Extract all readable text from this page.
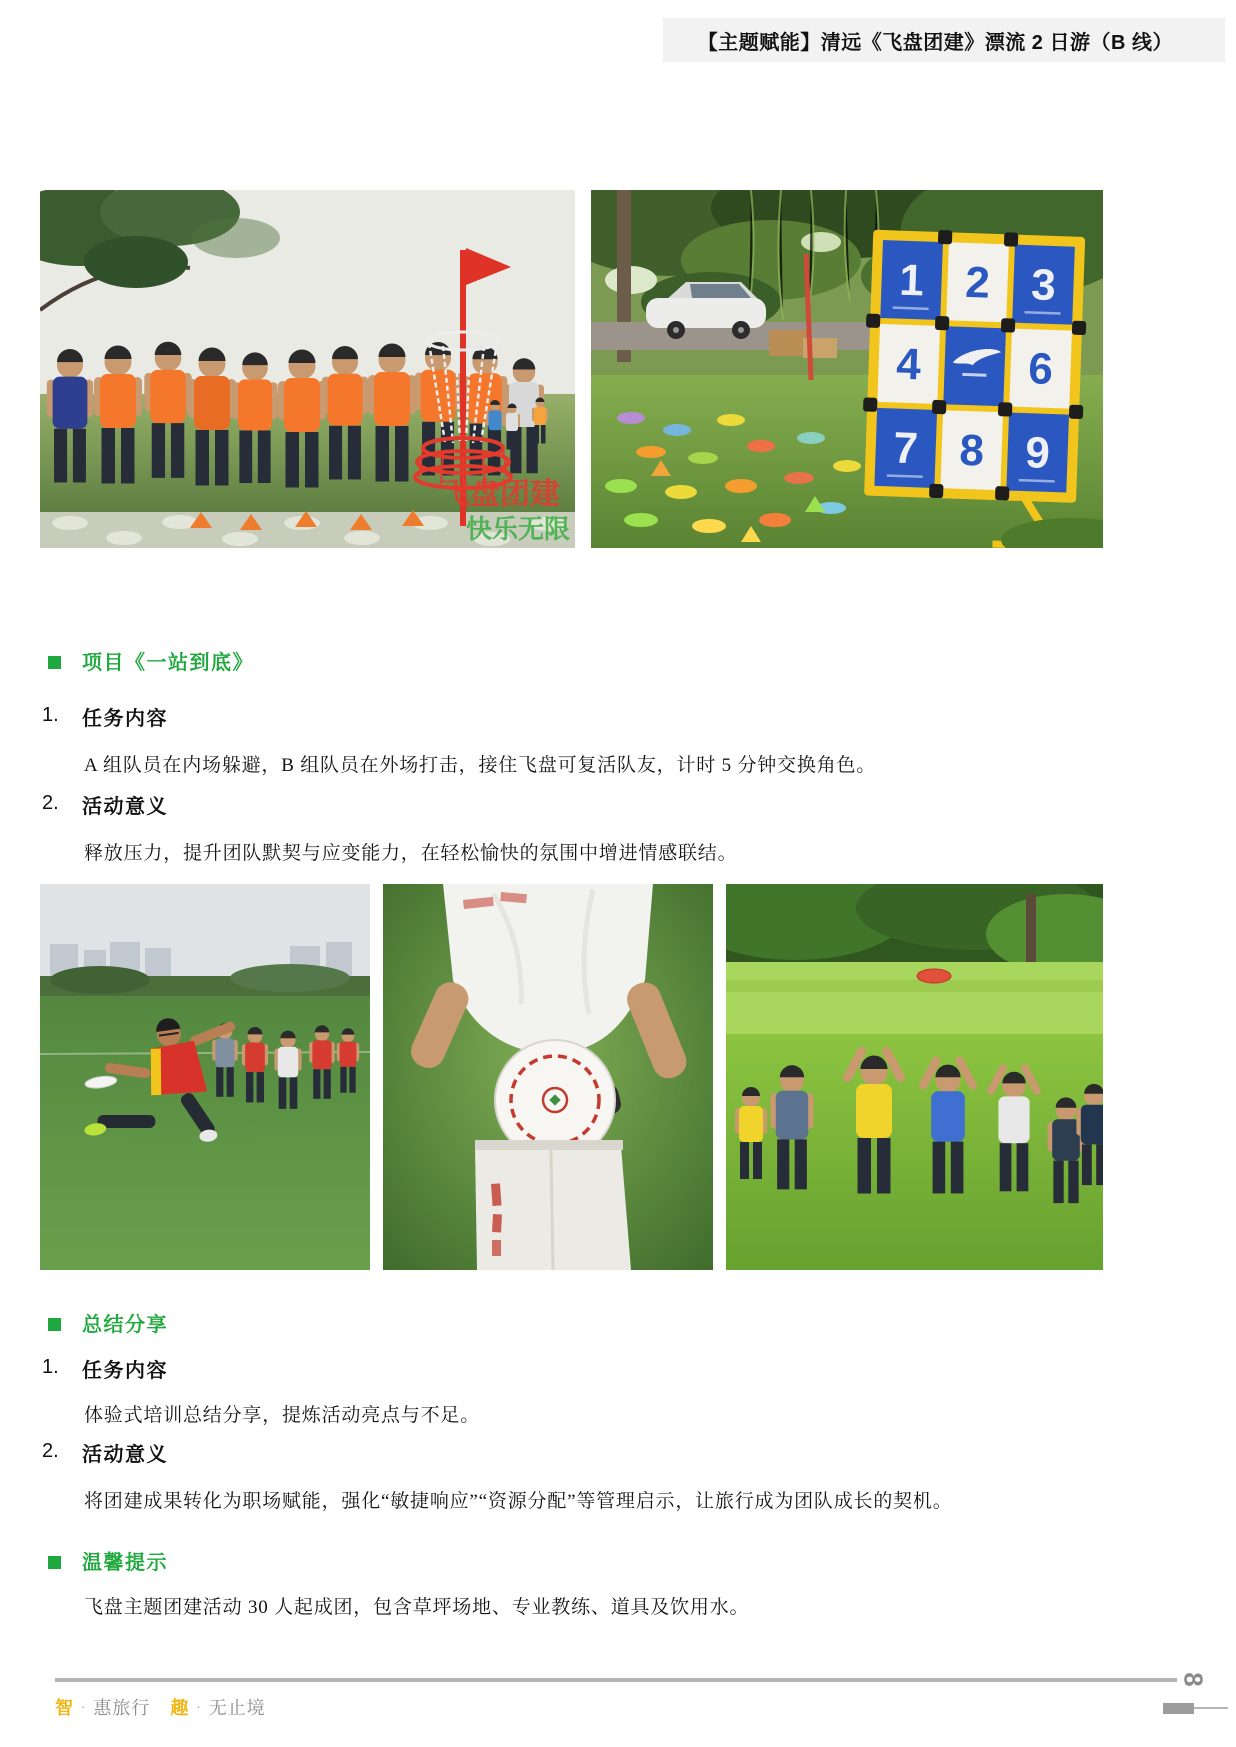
【主题赋能】清远《飞盘团建》漂流 2 日游（B 线）
飞盘团建
快乐无限
1 2 3
4 6
7 8 9
项目《一站到底》
1. 任务内容
A 组队员在内场躲避，B 组队员在外场打击，接住飞盘可复活队友，计时 5 分钟交换角色。
2. 活动意义
释放压力，提升团队默契与应变能力，在轻松愉快的氛围中增进情感联结。
总结分享
1. 任务内容
体验式培训总结分享，提炼活动亮点与不足。
2. 活动意义
将团建成果转化为职场赋能，强化“敏捷响应”“资源分配”等管理启示，让旅行成为团队成长的契机。
温馨提示
飞盘主题团建活动 30 人起成团，包含草坪场地、专业教练、道具及饮用水。
8
智 · 惠旅行 趣 · 无止境
